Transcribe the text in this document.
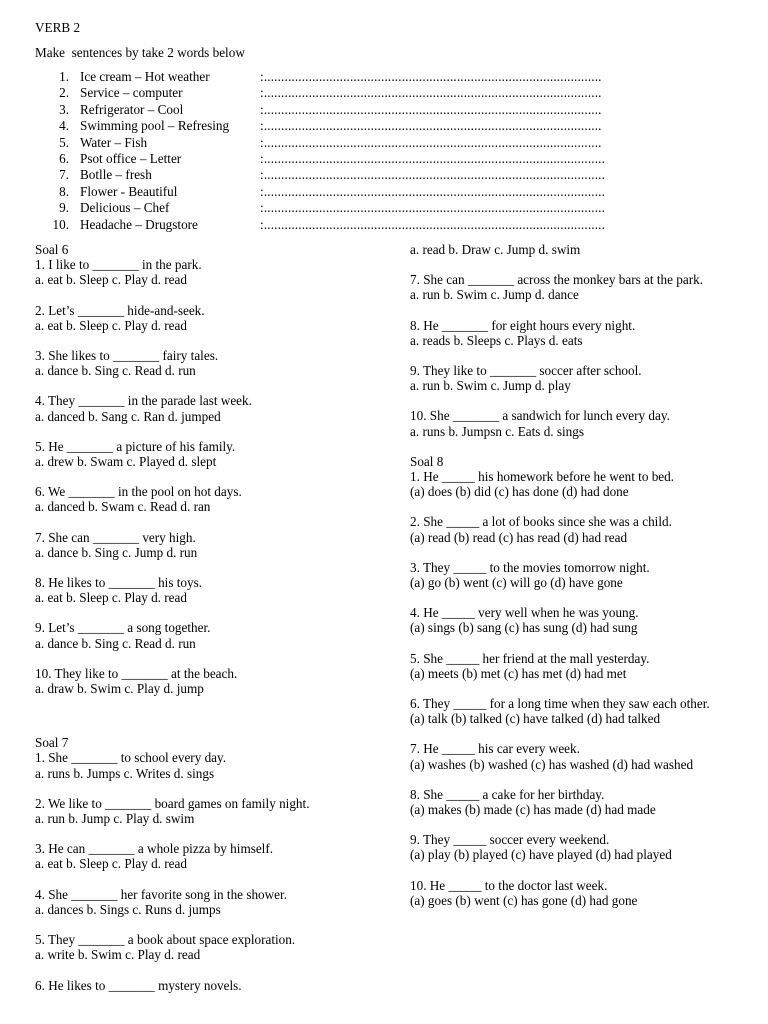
VERB 2
Make  sentences by take 2 words below
1. Ice cream – Hot weather	:..................................................................................................
2. Service – computer	:..................................................................................................
3. Refrigerator – Cool	:..................................................................................................
4. Swimming pool – Refresing :..................................................................................................
5. Water – Fish	:..................................................................................................
6. Psot office – Letter	:...................................................................................................
7. Botlle – fresh	:...................................................................................................
8. Flower - Beautiful	:...................................................................................................
9. Delicious – Chef	:...................................................................................................
10. Headache – Drugstore	:...................................................................................................
Soal 6

1. I like to _______ in the park.

a. eat b. Sleep c. Play d. read

2. Let’s _______ hide-and-seek.

a. eat b. Sleep c. Play d. read

3. She likes to _______ fairy tales.

a. dance b. Sing c. Read d. run

4. They _______ in the parade last week.

a. danced b. Sang c. Ran d. jumped

5. He _______ a picture of his family.

a. drew b. Swam c. Played d. slept

6. We _______ in the pool on hot days.

a. danced b. Swam c. Read d. ran

7. She can _______ very high.

a. dance b. Sing c. Jump d. run

8. He likes to _______ his toys.

a. eat b. Sleep c. Play d. read

9. Let’s _______ a song together.

a. dance b. Sing c. Read d. run

10. They like to _______ at the beach.

a. draw b. Swim c. Play d. jump

Soal 7

1. She _______ to school every day.

a. runs b. Jumps c. Writes d. sings

2. We like to _______ board games on family night.

a. run b. Jump c. Play d. swim

3. He can _______ a whole pizza by himself.

a. eat b. Sleep c. Play d. read

4. She _______ her favorite song in the shower.

a. dances b. Sings c. Runs d. jumps

5. They _______ a book about space exploration.

a. write b. Swim c. Play d. read

6. He likes to _______ mystery novels.

a. read b. Draw c. Jump d. swim

7. She can _______ across the monkey bars at the park.

a. run b. Swim c. Jump d. dance

8. He _______ for eight hours every night.

a. reads b. Sleeps c. Plays d. eats

9. They like to _______ soccer after school.

a. run b. Swim c. Jump d. play

10. She _______ a sandwich for lunch every day.

a. runs b. Jumpsn c. Eats d. sings

Soal 8

1. He _____ his homework before he went to bed.

(a) does (b) did (c) has done (d) had done

2. She _____ a lot of books since she was a child.

(a) read (b) read (c) has read (d) had read

3. They _____ to the movies tomorrow night.

(a) go (b) went (c) will go (d) have gone

4. He _____ very well when he was young.

(a) sings (b) sang (c) has sung (d) had sung

5. She _____ her friend at the mall yesterday.

(a) meets (b) met (c) has met (d) had met

6. They _____ for a long time when they saw each other.

(a) talk (b) talked (c) have talked (d) had talked

7. He _____ his car every week.

(a) washes (b) washed (c) has washed (d) had washed

8. She _____ a cake for her birthday.

(a) makes (b) made (c) has made (d) had made

9. They _____ soccer every weekend.

(a) play (b) played (c) have played (d) had played

10. He _____ to the doctor last week.

(a) goes (b) went (c) has gone (d) had gone
